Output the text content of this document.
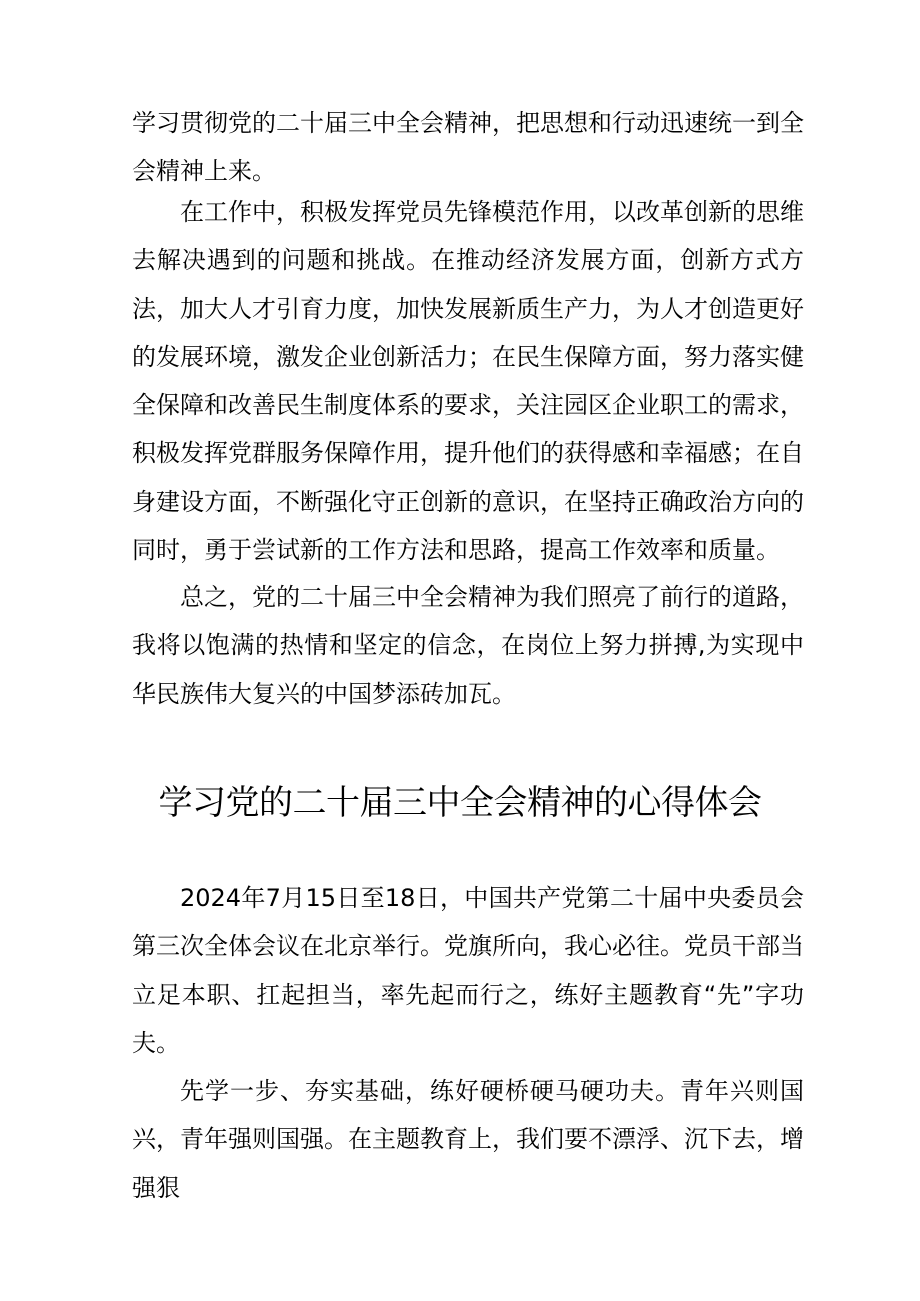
学习贯彻党的二十届三中全会精神，把思想和行动迅速统一到全会精神上来。

在工作中，积极发挥党员先锋模范作用，以改革创新的思维去解决遇到的问题和挑战。在推动经济发展方面，创新方式方法，加大人才引育力度，加快发展新质生产力，为人才创造更好的发展环境，激发企业创新活力；在民生保障方面，努力落实健全保障和改善民生制度体系的要求，关注园区企业职工的需求，积极发挥党群服务保障作用，提升他们的获得感和幸福感；在自身建设方面，不断强化守正创新的意识，在坚持正确政治方向的同时，勇于尝试新的工作方法和思路，提高工作效率和质量。

总之，党的二十届三中全会精神为我们照亮了前行的道路，我将以饱满的热情和坚定的信念，在岗位上努力拼搏,为实现中华民族伟大复兴的中国梦添砖加瓦。

学习党的二十届三中全会精神的心得体会

2024年7月15日至18日，中国共产党第二十届中央委员会第三次全体会议在北京举行。党旗所向，我心必往。党员干部当立足本职、扛起担当，率先起而行之，练好主题教育“先”字功夫。

先学一步、夯实基础，练好硬桥硬马硬功夫。青年兴则国兴，青年强则国强。在主题教育上，我们要不漂浮、沉下去，增强狠
